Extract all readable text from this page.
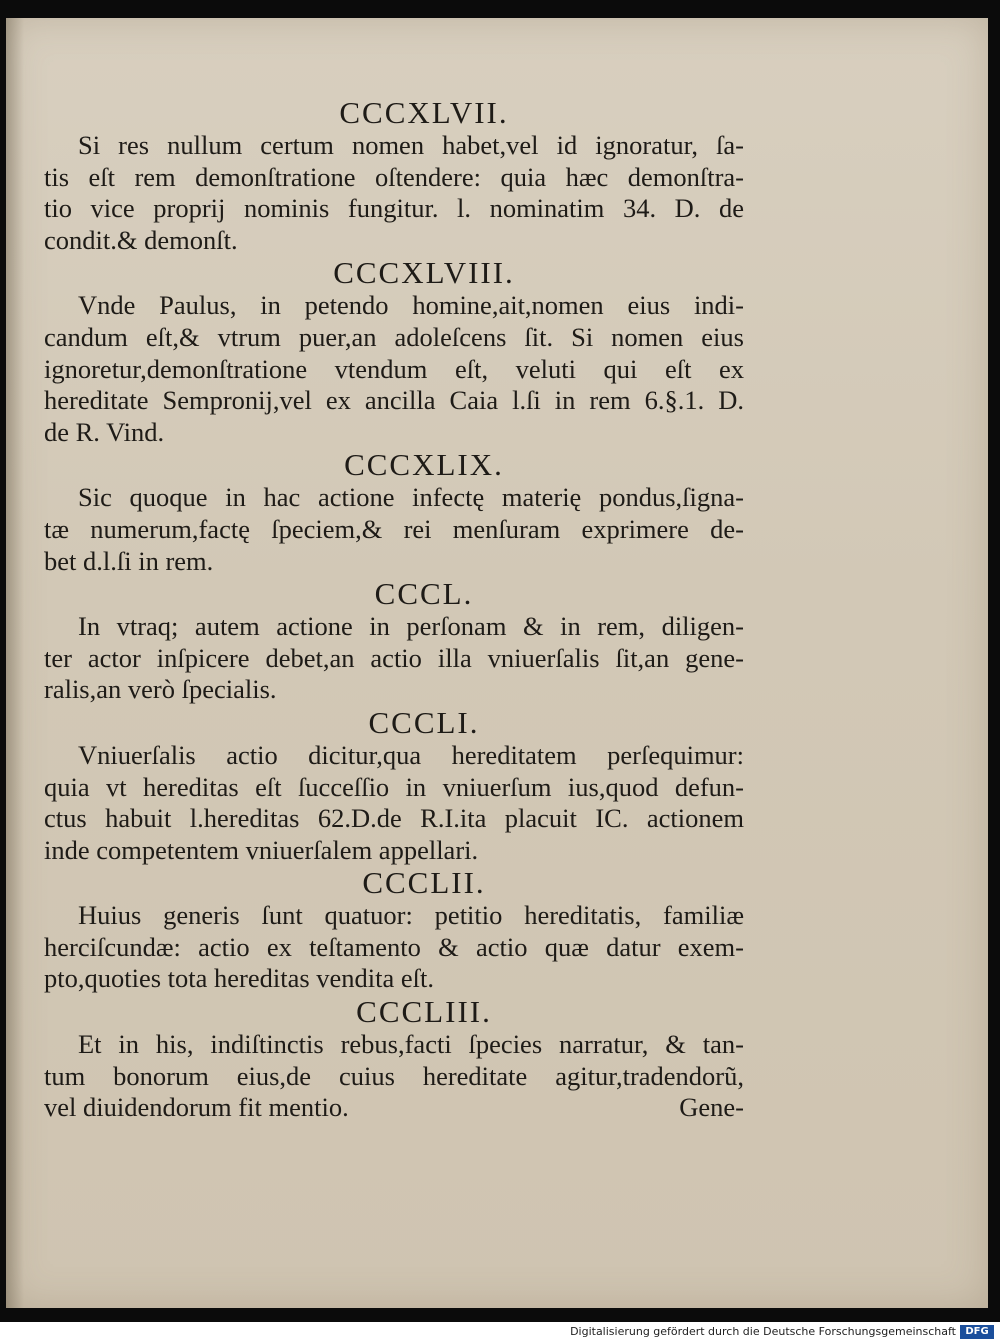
CCCXLVII.
Si res nullum certum nomen habet,vel id ignoratur, ſa-
tis eſt rem demonſtratione oſtendere: quia hæc demonſtra-
tio vice proprij nominis fungitur. l. nominatim 34. D. de
condit.& demonſt.
CCCXLVIII.
Vnde Paulus, in petendo homine,ait,nomen eius indi-
candum eſt,& vtrum puer,an adoleſcens ſit. Si nomen eius
ignoretur,demonſtratione vtendum eſt, veluti qui eſt ex
hereditate Sempronij,vel ex ancilla Caia l.ſi in rem 6.§.1. D.
de R. Vind.
CCCXLIX.
Sic quoque in hac actione infectę materię pondus,ſigna-
tæ numerum,factę ſpeciem,& rei menſuram exprimere de-
bet d.l.ſi in rem.
CCCL.
In vtraq; autem actione in perſonam & in rem, diligen-
ter actor inſpicere debet,an actio illa vniuerſalis ſit,an gene-
ralis,an verò ſpecialis.
CCCLI.
Vniuerſalis actio dicitur,qua hereditatem perſequimur:
quia vt hereditas eſt ſucceſſio in vniuerſum ius,quod defun-
ctus habuit l.hereditas 62.D.de R.I.ita placuit IC. actionem
inde competentem vniuerſalem appellari.
CCCLII.
Huius generis ſunt quatuor: petitio hereditatis, familiæ
herciſcundæ: actio ex teſtamento & actio quæ datur exem-
pto,quoties tota hereditas vendita eſt.
CCCLIII.
Et in his, indiſtinctis rebus,facti ſpecies narratur, & tan-
tum bonorum eius,de cuius hereditate agitur,tradendorũ,
vel diuidendorum fit mentio.	Gene-
Digitalisierung gefördert durch die Deutsche Forschungsgemeinschaft DFG
